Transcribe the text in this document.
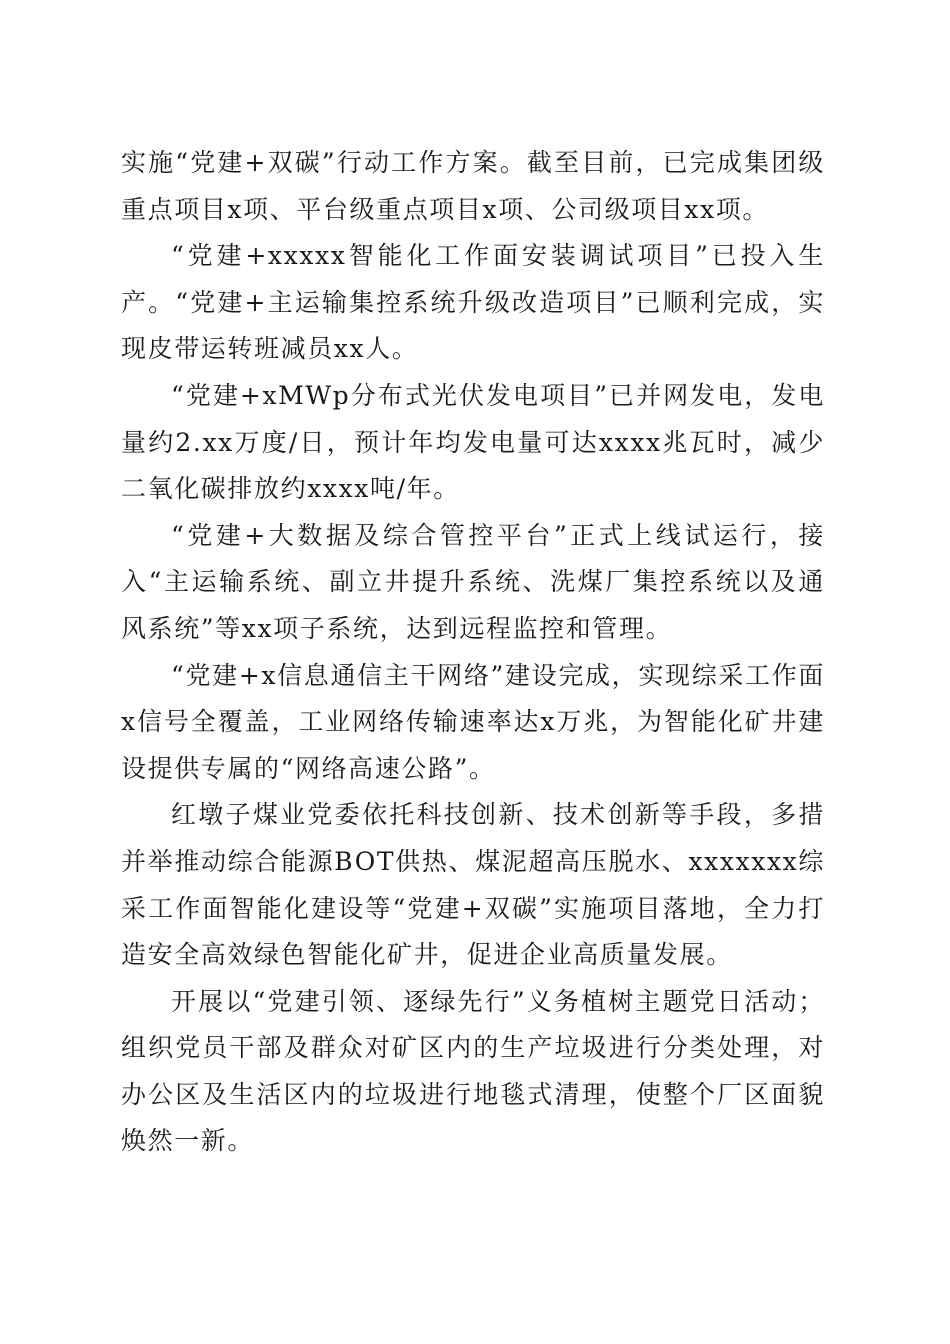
实施“党建+双碳”行动工作方案。截至目前，已完成集团级重点项目x项、平台级重点项目x项、公司级项目xx项。

“党建+xxxxx智能化工作面安装调试项目”已投入生产。“党建+主运输集控系统升级改造项目”已顺利完成，实现皮带运转班减员xx人。

“党建+xMWp分布式光伏发电项目”已并网发电，发电量约2.xx万度/日，预计年均发电量可达xxxx兆瓦时，减少二氧化碳排放约xxxx吨/年。

“党建+大数据及综合管控平台”正式上线试运行，接入“主运输系统、副立井提升系统、洗煤厂集控系统以及通风系统”等xx项子系统，达到远程监控和管理。

“党建+x信息通信主干网络”建设完成，实现综采工作面x信号全覆盖，工业网络传输速率达x万兆，为智能化矿井建设提供专属的“网络高速公路”。

红墩子煤业党委依托科技创新、技术创新等手段，多措并举推动综合能源BOT供热、煤泥超高压脱水、xxxxxxx综采工作面智能化建设等“党建+双碳”实施项目落地，全力打造安全高效绿色智能化矿井，促进企业高质量发展。

开展以“党建引领、逐绿先行”义务植树主题党日活动；组织党员干部及群众对矿区内的生产垃圾进行分类处理，对办公区及生活区内的垃圾进行地毯式清理，使整个厂区面貌焕然一新。
